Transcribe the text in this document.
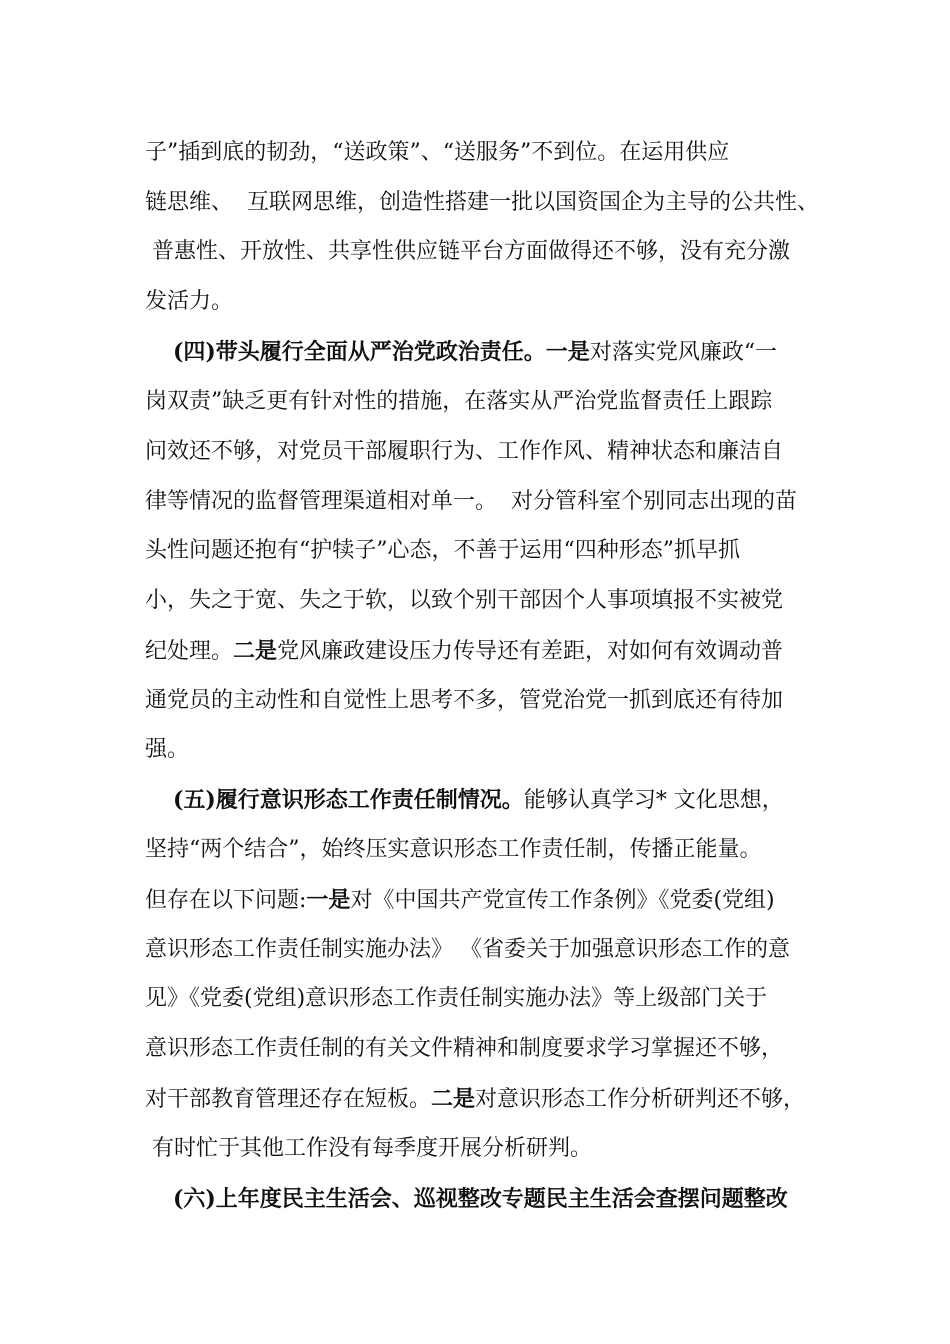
子”插到底的韧劲，“送政策”、“送服务”不到位。在运用供应
链思维、  互联网思维，创造性搭建一批以国资国企为主导的公共性、
普惠性、开放性、共享性供应链平台方面做得还不够，没有充分激
发活力。
(四)带头履行全面从严治党政治责任。一是对落实党风廉政“一
岗双责”缺乏更有针对性的措施，在落实从严治党监督责任上跟踪
问效还不够，对党员干部履职行为、工作作风、精神状态和廉洁自
律等情况的监督管理渠道相对单一。  对分管科室个别同志出现的苗
头性问题还抱有“护犊子”心态，不善于运用“四种形态”抓早抓
小，失之于宽、失之于软，以致个别干部因个人事项填报不实被党
纪处理。二是党风廉政建设压力传导还有差距，对如何有效调动普
通党员的主动性和自觉性上思考不多，管党治党一抓到底还有待加
强。
(五)履行意识形态工作责任制情况。能够认真学习* 文化思想，
坚持“两个结合”，始终压实意识形态工作责任制，传播正能量。
但存在以下问题:一是对《中国共产党宣传工作条例》《党委(党组)
意识形态工作责任制实施办法》 《省委关于加强意识形态工作的意
见》《党委(党组)意识形态工作责任制实施办法》等上级部门关于
意识形态工作责任制的有关文件精神和制度要求学习掌握还不够，
对干部教育管理还存在短板。二是对意识形态工作分析研判还不够，
有时忙于其他工作没有每季度开展分析研判。
(六)上年度民主生活会、巡视整改专题民主生活会查摆问题整改
